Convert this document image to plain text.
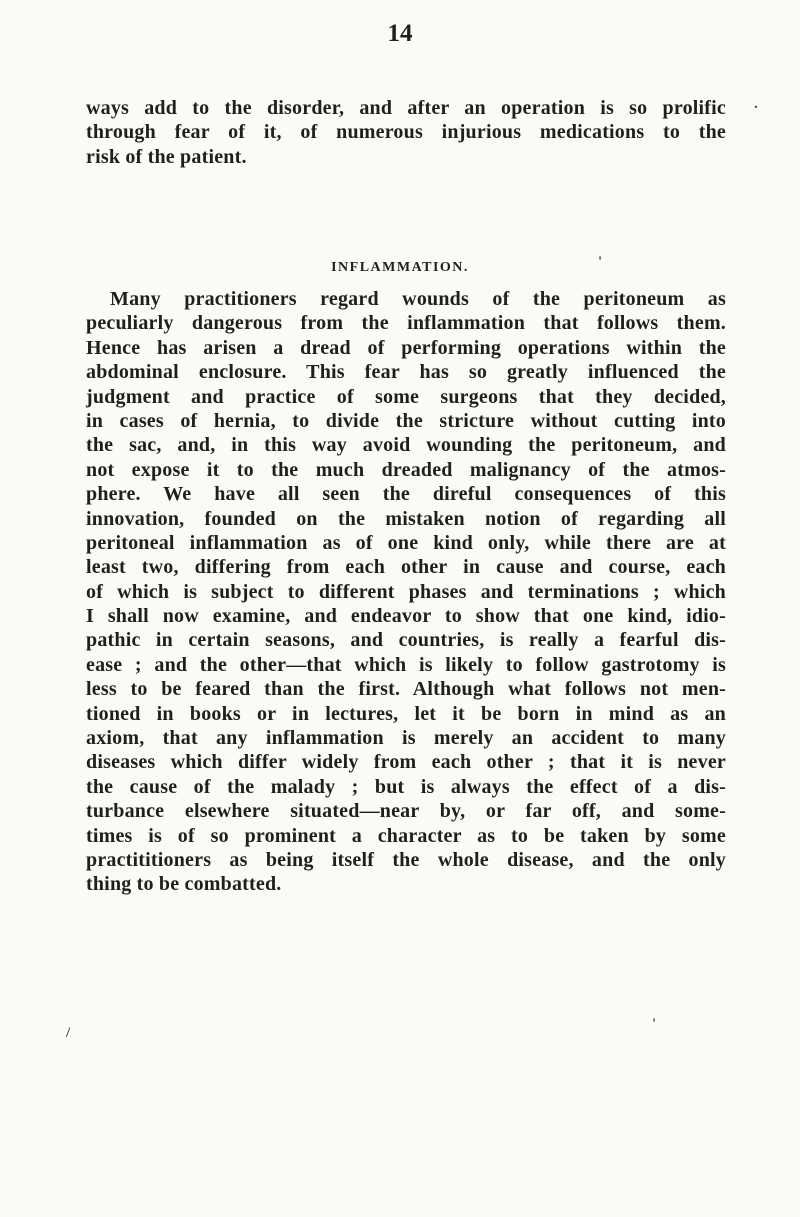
14
.
'
'
/
ways add to the disorder, and after an operation is so prolific
through fear of it, of numerous injurious medications to the
risk of the patient.
INFLAMMATION.
Many practitioners regard wounds of the peritoneum as
peculiarly dangerous from the inflammation that follows them.
Hence has arisen a dread of performing operations within the
abdominal enclosure. This fear has so greatly influenced the
judgment and practice of some surgeons that they decided,
in cases of hernia, to divide the stricture without cutting into
the sac, and, in this way avoid wounding the peritoneum, and
not expose it to the much dreaded malignancy of the atmos-
phere. We have all seen the direful consequences of this
innovation, founded on the mistaken notion of regarding all
peritoneal inflammation as of one kind only, while there are at
least two, differing from each other in cause and course, each
of which is subject to different phases and terminations ; which
I shall now examine, and endeavor to show that one kind, idio-
pathic in certain seasons, and countries, is really a fearful dis-
ease ; and the other—that which is likely to follow gastrotomy is
less to be feared than the first. Although what follows not men-
tioned in books or in lectures, let it be born in mind as an
axiom, that any inflammation is merely an accident to many
diseases which differ widely from each other ; that it is never
the cause of the malady ; but is always the effect of a dis-
turbance elsewhere situated—near by, or far off, and some-
times is of so prominent a character as to be taken by some
practititioners as being itself the whole disease, and the only
thing to be combatted.
